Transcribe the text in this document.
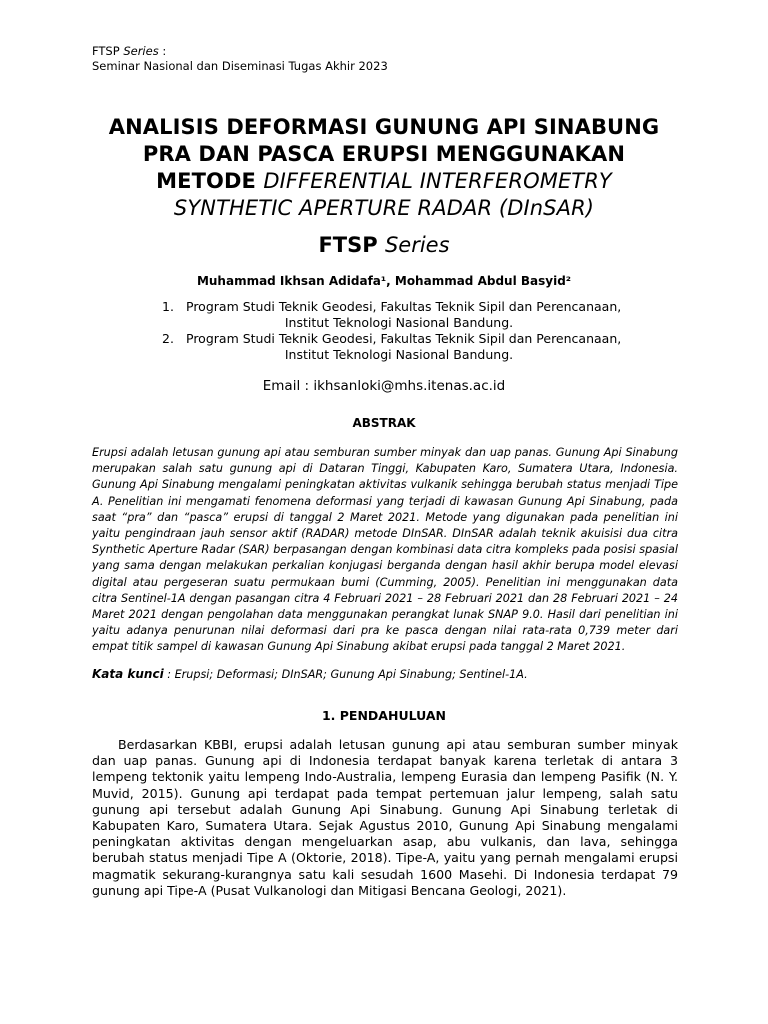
FTSP Series :
Seminar Nasional dan Diseminasi Tugas Akhir 2023
ANALISIS DEFORMASI GUNUNG API SINABUNG
PRA DAN PASCA ERUPSI MENGGUNAKAN
METODE DIFFERENTIAL INTERFEROMETRY
SYNTHETIC APERTURE RADAR (DInSAR)
FTSP Series
Muhammad Ikhsan Adidafa¹, Mohammad Abdul Basyid²
1. Program Studi Teknik Geodesi, Fakultas Teknik Sipil dan Perencanaan,
Institut Teknologi Nasional Bandung.
2. Program Studi Teknik Geodesi, Fakultas Teknik Sipil dan Perencanaan,
Institut Teknologi Nasional Bandung.
Email : ikhsanloki@mhs.itenas.ac.id
ABSTRAK
Erupsi adalah letusan gunung api atau semburan sumber minyak dan uap panas. Gunung Api Sinabung merupakan salah satu gunung api di Dataran Tinggi, Kabupaten Karo, Sumatera Utara, Indonesia. Gunung Api Sinabung mengalami peningkatan aktivitas vulkanik sehingga berubah status menjadi Tipe A. Penelitian ini mengamati fenomena deformasi yang terjadi di kawasan Gunung Api Sinabung, pada saat “pra” dan “pasca” erupsi di tanggal 2 Maret 2021. Metode yang digunakan pada penelitian ini yaitu pengindraan jauh sensor aktif (RADAR) metode DInSAR. DInSAR adalah teknik akuisisi dua citra Synthetic Aperture Radar (SAR) berpasangan dengan kombinasi data citra kompleks pada posisi spasial yang sama dengan melakukan perkalian konjugasi berganda dengan hasil akhir berupa model elevasi digital atau pergeseran suatu permukaan bumi (Cumming, 2005). Penelitian ini menggunakan data citra Sentinel-1A dengan pasangan citra 4 Februari 2021 – 28 Februari 2021 dan 28 Februari 2021 – 24 Maret 2021 dengan pengolahan data menggunakan perangkat lunak SNAP 9.0. Hasil dari penelitian ini yaitu adanya penurunan nilai deformasi dari pra ke pasca dengan nilai rata-rata 0,739 meter dari empat titik sampel di kawasan Gunung Api Sinabung akibat erupsi pada tanggal 2 Maret 2021.
Kata kunci : Erupsi; Deformasi; DInSAR; Gunung Api Sinabung; Sentinel-1A.
1. PENDAHULUAN
Berdasarkan KBBI, erupsi adalah letusan gunung api atau semburan sumber minyak dan uap panas. Gunung api di Indonesia terdapat banyak karena terletak di antara 3 lempeng tektonik yaitu lempeng Indo-Australia, lempeng Eurasia dan lempeng Pasifik (N. Y. Muvid, 2015). Gunung api terdapat pada tempat pertemuan jalur lempeng, salah satu gunung api tersebut adalah Gunung Api Sinabung. Gunung Api Sinabung terletak di Kabupaten Karo, Sumatera Utara. Sejak Agustus 2010, Gunung Api Sinabung mengalami peningkatan aktivitas dengan mengeluarkan asap, abu vulkanis, dan lava, sehingga berubah status menjadi Tipe A (Oktorie, 2018). Tipe-A, yaitu yang pernah mengalami erupsi magmatik sekurang-kurangnya satu kali sesudah 1600 Masehi. Di Indonesia terdapat 79 gunung api Tipe-A (Pusat Vulkanologi dan Mitigasi Bencana Geologi, 2021).
